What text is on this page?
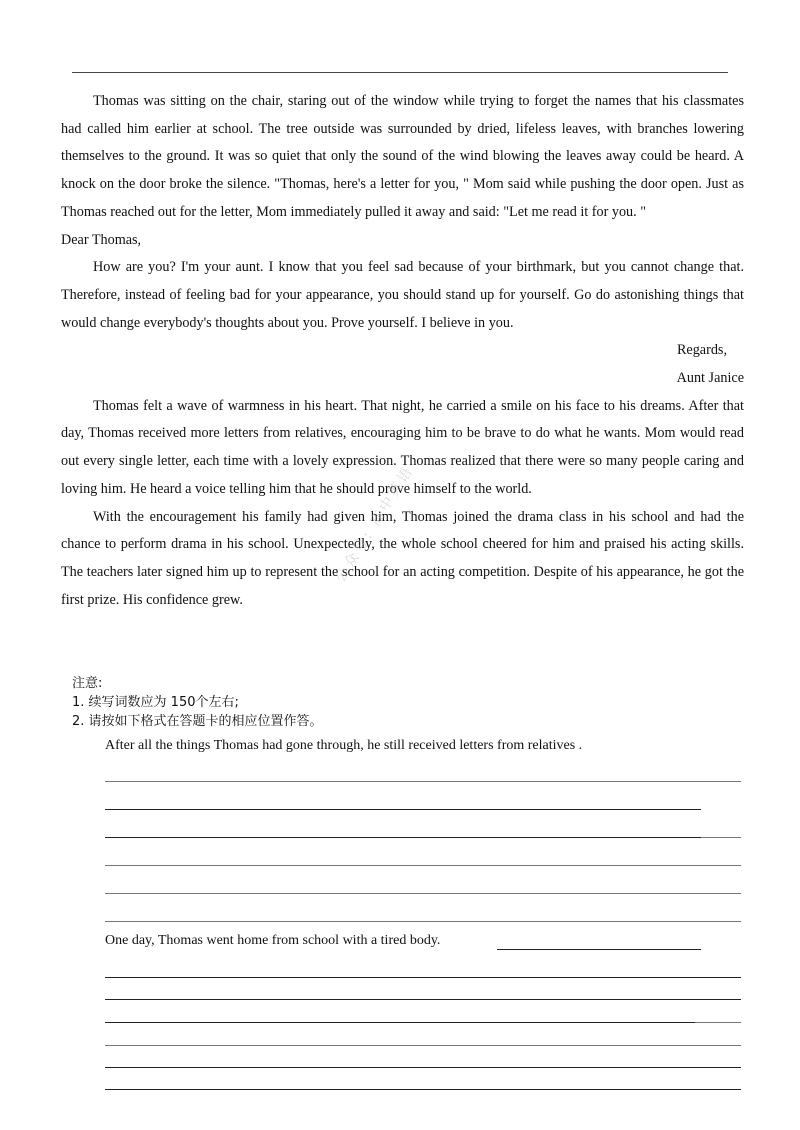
Thomas was sitting on the chair, staring out of the window while trying to forget the names that his classmates had called him earlier at school. The tree outside was surrounded by dried, lifeless leaves, with branches lowering themselves to the ground. It was so quiet that only the sound of the wind blowing the leaves away could be heard. A knock on the door broke the silence. "Thomas, here's a letter for you, " Mom said while pushing the door open. Just as Thomas reached out for the letter, Mom immediately pulled it away and said: "Let me read it for you. "

Dear Thomas,

How are you? I'm your aunt. I know that you feel sad because of your birthmark, but you cannot change that. Therefore, instead of feeling bad for your appearance, you should stand up for yourself. Go do astonishing things that would change everybody's thoughts about you. Prove yourself. I believe in you.

Regards,

Aunt Janice

Thomas felt a wave of warmness in his heart. That night, he carried a smile on his face to his dreams. After that day, Thomas received more letters from relatives, encouraging him to be brave to do what he wants. Mom would read out every single letter, each time with a lovely expression. Thomas realized that there were so many people caring and loving him. He heard a voice telling him that he should prove himself to the world.

With the encouragement his family had given him, Thomas joined the drama class in his school and had the chance to perform drama in his school. Unexpectedly, the whole school cheered for him and praised his acting skills. The teachers later signed him up to represent the school for an acting competition. Despite of his appearance, he got the first prize. His confidence grew.

公众号: 高中英语
注意:
1. 续写词数应为 150个左右;
2. 请按如下格式在答题卡的相应位置作答。
After all the things Thomas had gone through, he still received letters from relatives .
One day, Thomas went home from school with a tired body.
